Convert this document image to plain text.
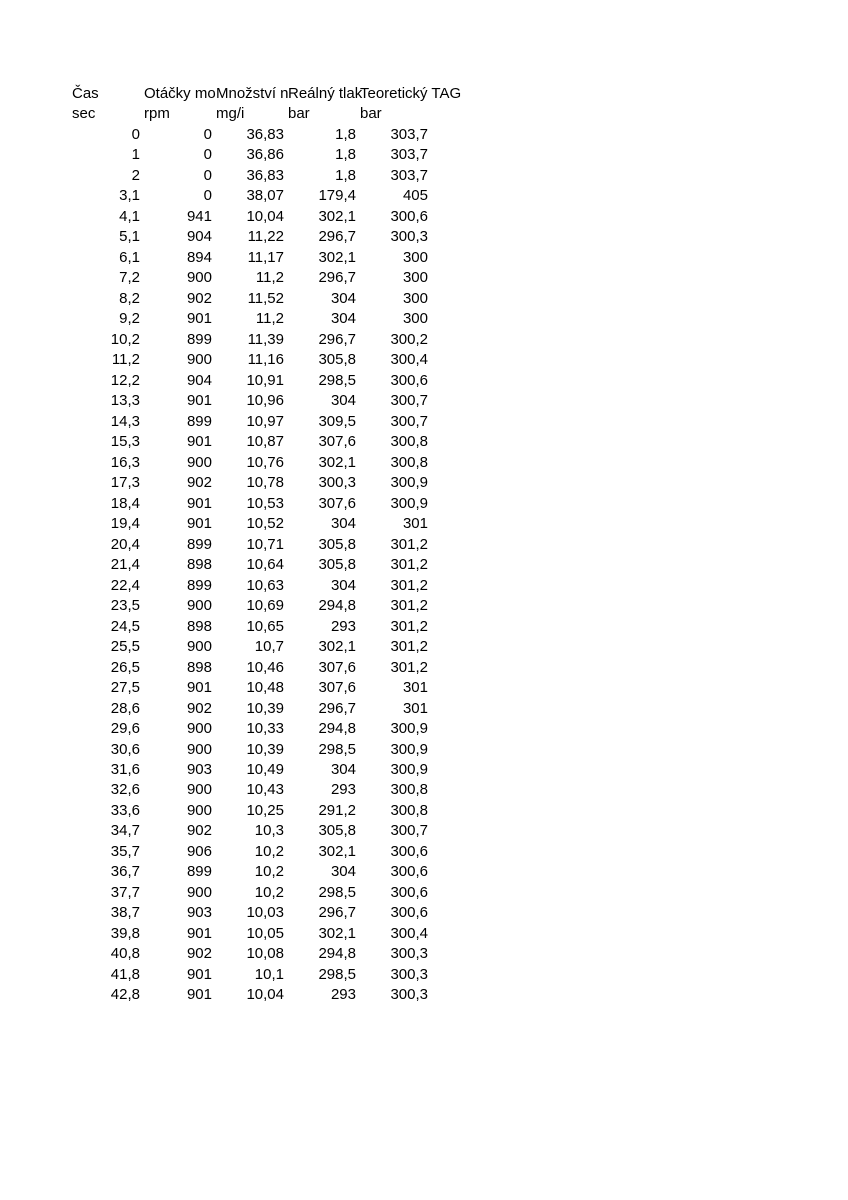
Čas	Otáčky mo	Množství n	Reálný tlak	Teoretický TAG
sec	rpm	mg/i	bar	bar
0	0	36,83	1,8	303,7
1	0	36,86	1,8	303,7
2	0	36,83	1,8	303,7
3,1	0	38,07	179,4	405
4,1	941	10,04	302,1	300,6
5,1	904	11,22	296,7	300,3
6,1	894	11,17	302,1	300
7,2	900	11,2	296,7	300
8,2	902	11,52	304	300
9,2	901	11,2	304	300
10,2	899	11,39	296,7	300,2
11,2	900	11,16	305,8	300,4
12,2	904	10,91	298,5	300,6
13,3	901	10,96	304	300,7
14,3	899	10,97	309,5	300,7
15,3	901	10,87	307,6	300,8
16,3	900	10,76	302,1	300,8
17,3	902	10,78	300,3	300,9
18,4	901	10,53	307,6	300,9
19,4	901	10,52	304	301
20,4	899	10,71	305,8	301,2
21,4	898	10,64	305,8	301,2
22,4	899	10,63	304	301,2
23,5	900	10,69	294,8	301,2
24,5	898	10,65	293	301,2
25,5	900	10,7	302,1	301,2
26,5	898	10,46	307,6	301,2
27,5	901	10,48	307,6	301
28,6	902	10,39	296,7	301
29,6	900	10,33	294,8	300,9
30,6	900	10,39	298,5	300,9
31,6	903	10,49	304	300,9
32,6	900	10,43	293	300,8
33,6	900	10,25	291,2	300,8
34,7	902	10,3	305,8	300,7
35,7	906	10,2	302,1	300,6
36,7	899	10,2	304	300,6
37,7	900	10,2	298,5	300,6
38,7	903	10,03	296,7	300,6
39,8	901	10,05	302,1	300,4
40,8	902	10,08	294,8	300,3
41,8	901	10,1	298,5	300,3
42,8	901	10,04	293	300,3
